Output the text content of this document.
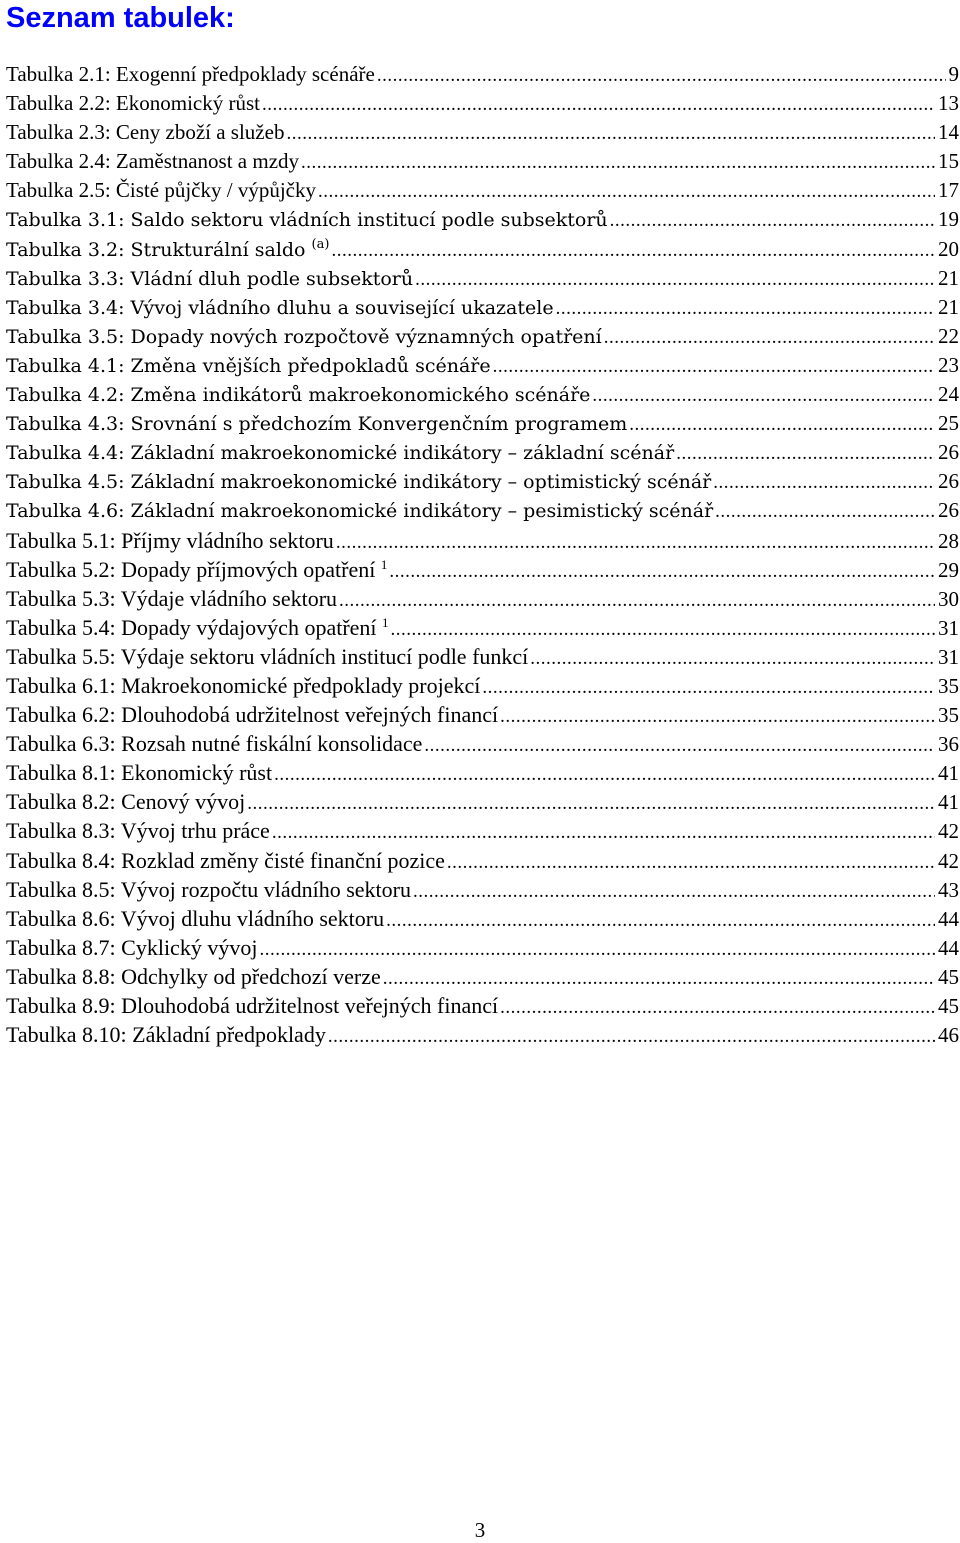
Seznam tabulek:
Tabulka 2.1: Exogenní předpoklady scénáře .....	9
Tabulka 2.2: Ekonomický růst .....	13
Tabulka 2.3: Ceny zboží a služeb .....	14
Tabulka 2.4: Zaměstnanost a mzdy .....	15
Tabulka 2.5: Čisté půjčky / výpůjčky .....	17
Tabulka 3.1: Saldo sektoru vládních institucí podle subsektorů .....	19
Tabulka 3.2: Strukturální saldo $^{(a)}$ .....	20
Tabulka 3.3: Vládní dluh podle subsektorů .....	21
Tabulka 3.4: Vývoj vládního dluhu a související ukazatele .....	21
Tabulka 3.5: Dopady nových rozpočtově významných opatření .....	22
Tabulka 4.1: Změna vnějších předpokladů scénáře .....	23
Tabulka 4.2: Změna indikátorů makroekonomického scénáře .....	24
Tabulka 4.3: Srovnání s předchozím Konvergenčním programem .....	25
Tabulka 4.4: Základní makroekonomické indikátory – základní scénář .....	26
Tabulka 4.5: Základní makroekonomické indikátory – optimistický scénář .....	26
Tabulka 4.6: Základní makroekonomické indikátory – pesimistický scénář .....	26
Tabulka 5.1: Příjmy vládního sektoru .....	28
Tabulka 5.2: Dopady příjmových opatření $^1$ .....	29
Tabulka 5.3: Výdaje vládního sektoru .....	30
Tabulka 5.4: Dopady výdajových opatření $^1$ .....	31
Tabulka 5.5: Výdaje sektoru vládních institucí podle funkcí .....	31
Tabulka 6.1: Makroekonomické předpoklady projekcí .....	35
Tabulka 6.2: Dlouhodobá udržitelnost veřejných financí .....	35
Tabulka 6.3: Rozsah nutné fiskální konsolidace .....	36
Tabulka 8.1: Ekonomický růst .....	41
Tabulka 8.2: Cenový vývoj .....	41
Tabulka 8.3: Vývoj trhu práce .....	42
Tabulka 8.4: Rozklad změny čisté finanční pozice .....	42
Tabulka 8.5: Vývoj rozpočtu vládního sektoru .....	43
Tabulka 8.6: Vývoj dluhu vládního sektoru .....	44
Tabulka 8.7: Cyklický vývoj .....	44
Tabulka 8.8: Odchylky od předchozí verze .....	45
Tabulka 8.9: Dlouhodobá udržitelnost veřejných financí .....	45
Tabulka 8.10: Základní předpoklady .....	46
3
